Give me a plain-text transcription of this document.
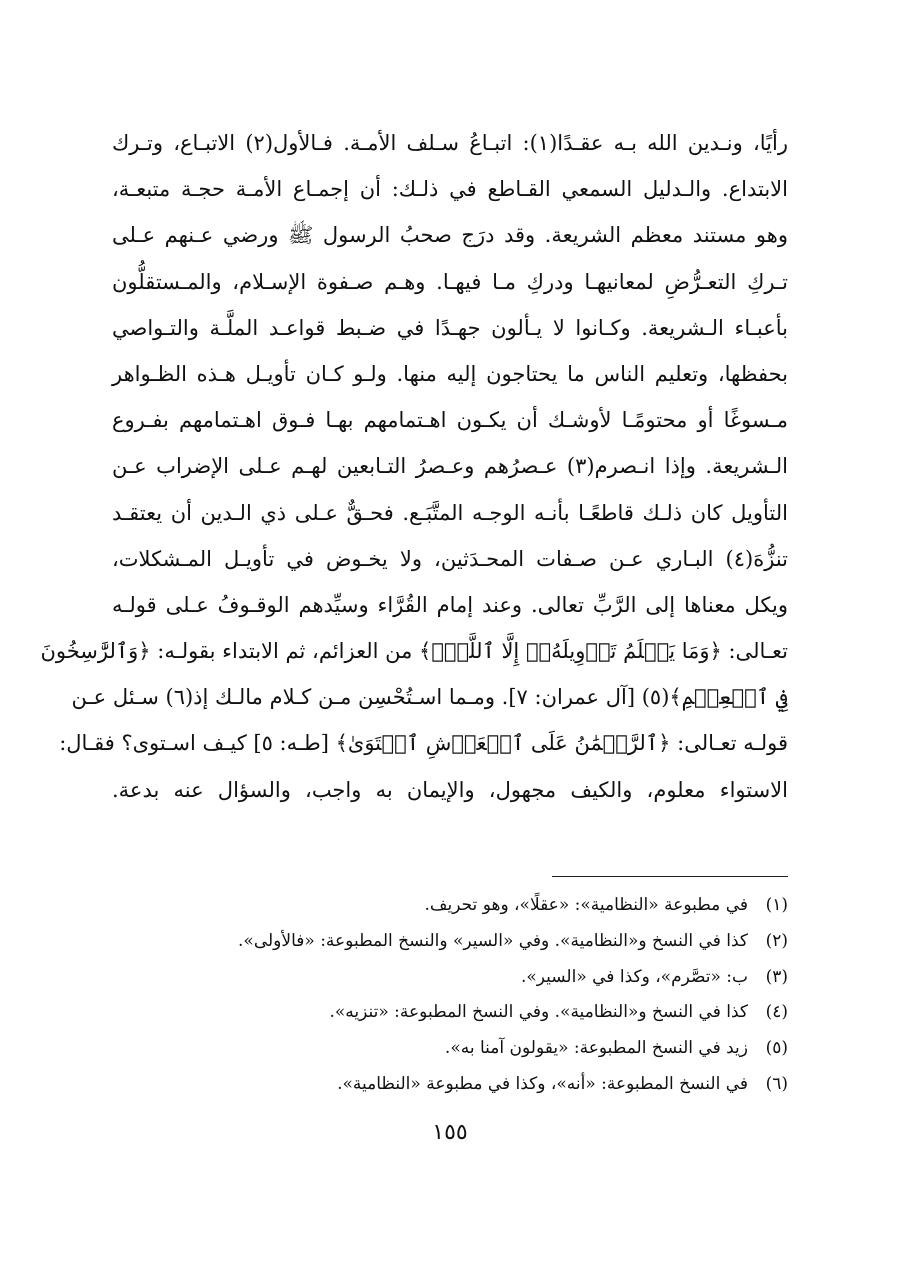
رأيًا، ونـدين الله بـه عقـدًا(١): اتبـاعُ سـلف الأمـة. فـالأول(٢) الاتبـاع، وتـرك
الابتداع. والـدليل السمعي القـاطع في ذلـك: أن إجمـاع الأمـة حجـة متبعـة،
وهو مستند معظم الشريعة. وقد درَج صحبُ الرسول ﷺ ورضي عـنهم عـلى
تـركِ التعـرُّضِ لمعانيهـا ودركِ مـا فيهـا. وهـم صـفوة الإسـلام، والمـستقلُّون
بأعبـاء الـشريعة. وكـانوا لا يـألون جهـدًا في ضـبط قواعـد الملَّـة والتـواصي
بحفظها، وتعليم الناس ما يحتاجون إليه منها. ولـو كـان تأويـل هـذه الظـواهر
مـسوغًا أو محتومًـا لأوشـك أن يكـون اهـتمامهم بهـا فـوق اهـتمامهم بفـروع
الـشريعة. وإذا انـصرم(٣) عـصرُهم وعـصرُ التـابعين لهـم عـلى الإضراب عـن
التأويل كان ذلـك قاطعًـا بأنـه الوجـه المتَّبَـع. فحـقٌّ عـلى ذي الـدين أن يعتقـد
تنزُّهَ(٤) البـاري عـن صـفات المحـدَثين، ولا يخـوض في تأويـل المـشكلات،
ويكل معناها إلى الرَّبِّ تعالى. وعند إمام القُرَّاء وسيِّدهم الوقـوفُ عـلى قولـه
تعـالى: ﴿وَمَا يَعۡلَمُ تَأۡوِيلَهُۥٓ إِلَّا ٱللَّهُۗ﴾ من العزائم، ثم الابتداء بقولـه: ﴿وَٱلرَّٰسِخُونَ
فِي ٱلۡعِلۡمِ﴾(٥) [آل عمران: ٧]. ومـما اسـتُحْسِن مـن كـلام مالـك إذ(٦) سـئل عـن
قولـه تعـالى: ﴿ٱلرَّحۡمَٰنُ عَلَى ٱلۡعَرۡشِ ٱسۡتَوَىٰ﴾ [طـه: ٥] كيـف اسـتوى؟ فقـال:
الاستواء معلوم، والكيف مجهول، والإيمان به واجب، والسؤال عنه بدعة.
(١)
في مطبوعة «النظامية»: «عقلًا»، وهو تحريف.
(٢)
كذا في النسخ و«النظامية». وفي «السير» والنسخ المطبوعة: «فالأولى».
(٣)
ب: «تصَّرم»، وكذا في «السير».
(٤)
كذا في النسخ و«النظامية». وفي النسخ المطبوعة: «تنزيه».
(٥)
زيد في النسخ المطبوعة: «يقولون آمنا به».
(٦)
في النسخ المطبوعة: «أنه»، وكذا في مطبوعة «النظامية».
١٥٥
